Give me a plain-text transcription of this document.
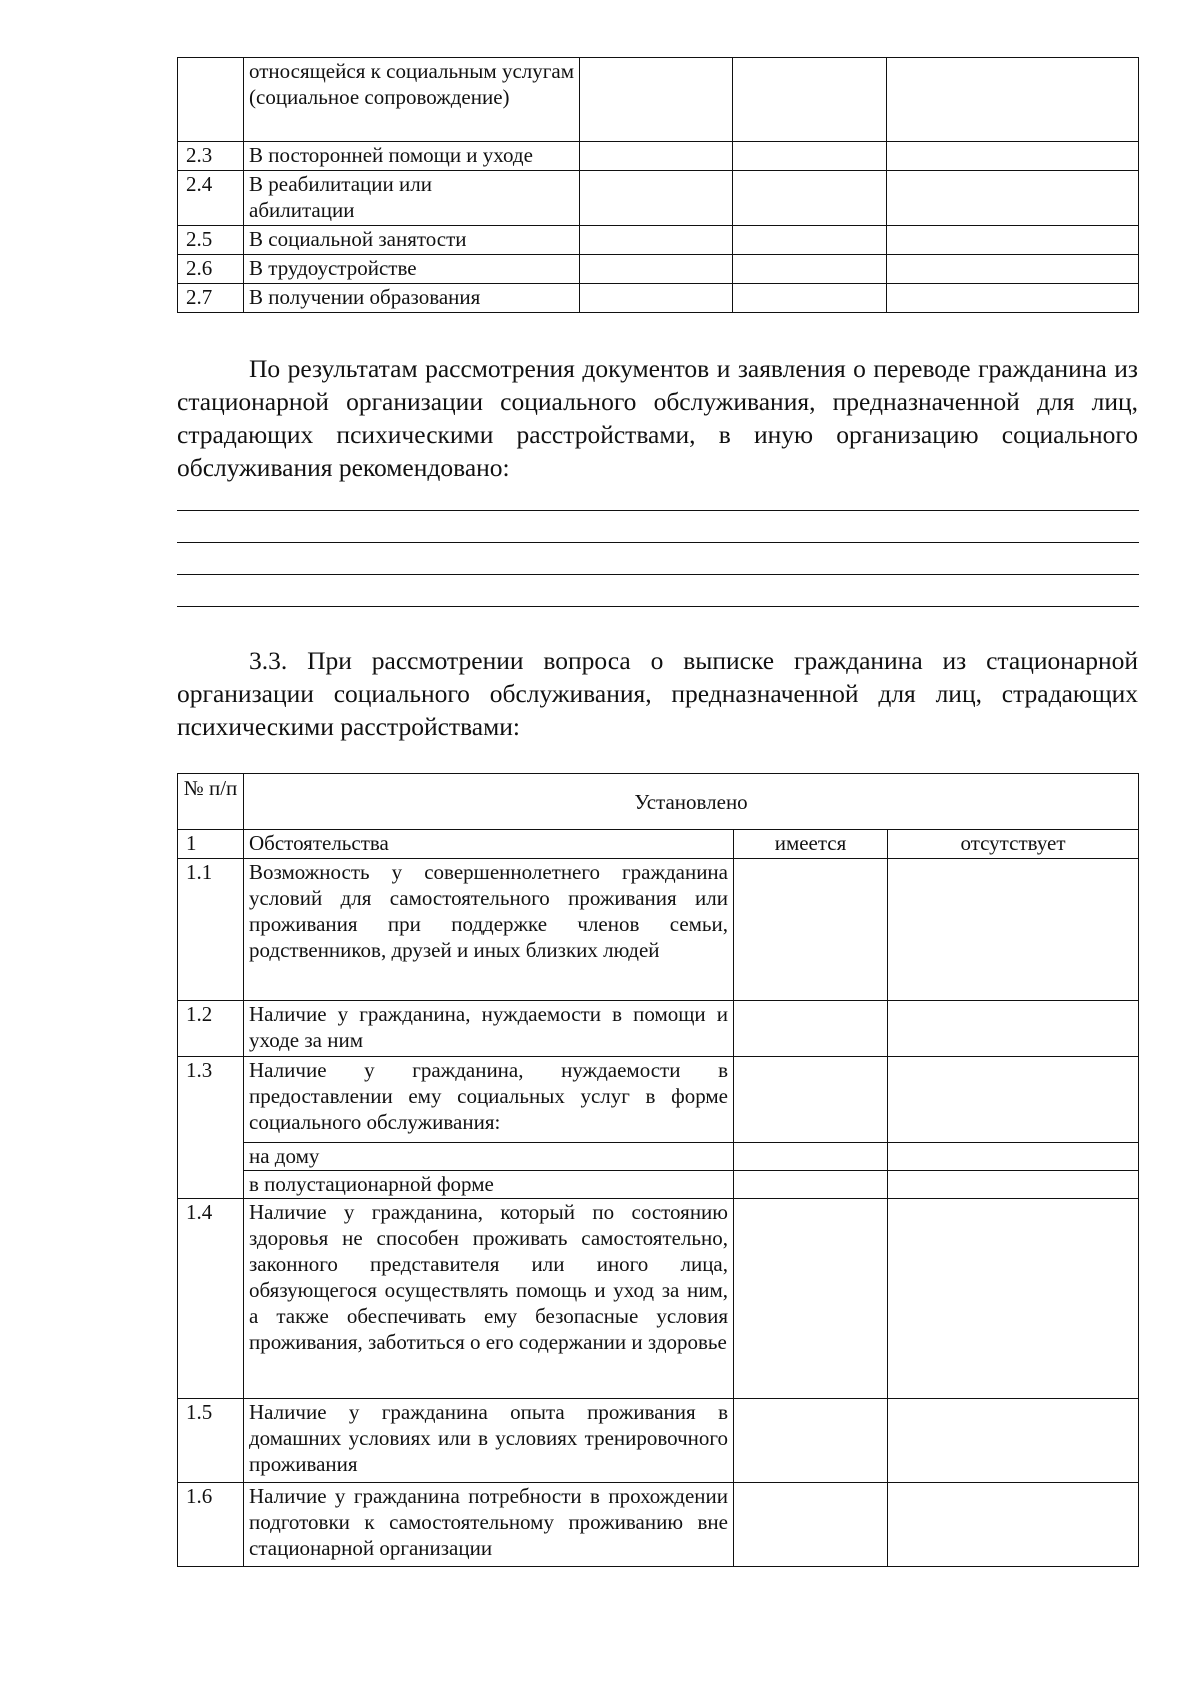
	относящейся к социальным услугам (социальное сопровождение)			
2.3	В посторонней помощи и уходе			
2.4	В реабилитации или абилитации			
2.5	В социальной занятости			
2.6	В трудоустройстве			
2.7	В получении образования			

По результатам рассмотрения документов и заявления о переводе гражданина из стационарной организации социального обслуживания, предназначенной для лиц, страдающих психическими расстройствами, в иную организацию социального обслуживания рекомендовано:

3.3. При рассмотрении вопроса о выписке гражданина из стационарной организации социального обслуживания, предназначенной для лиц, страдающих психическими расстройствами:

№ п/п	Установлено		
1	Обстоятельства	имеется	отсутствует
1.1	Возможность у совершеннолетнего гражданина условий для самостоятельного проживания или проживания при поддержке членов семьи, родственников, друзей и иных близких людей		
1.2	Наличие у гражданина, нуждаемости в помощи и уходе за ним		
1.3	Наличие у гражданина, нуждаемости в предоставлении ему социальных услуг в форме социального обслуживания:		
	на дому		
	в полустационарной форме		
1.4	Наличие у гражданина, который по состоянию здоровья не способен проживать самостоятельно, законного представителя или иного лица, обязующегося осуществлять помощь и уход за ним, а также обеспечивать ему безопасные условия проживания, заботиться о его содержании и здоровье		
1.5	Наличие у гражданина опыта проживания в домашних условиях или в условиях тренировочного проживания		
1.6	Наличие у гражданина потребности в прохождении подготовки к самостоятельному проживанию вне стационарной организации		
